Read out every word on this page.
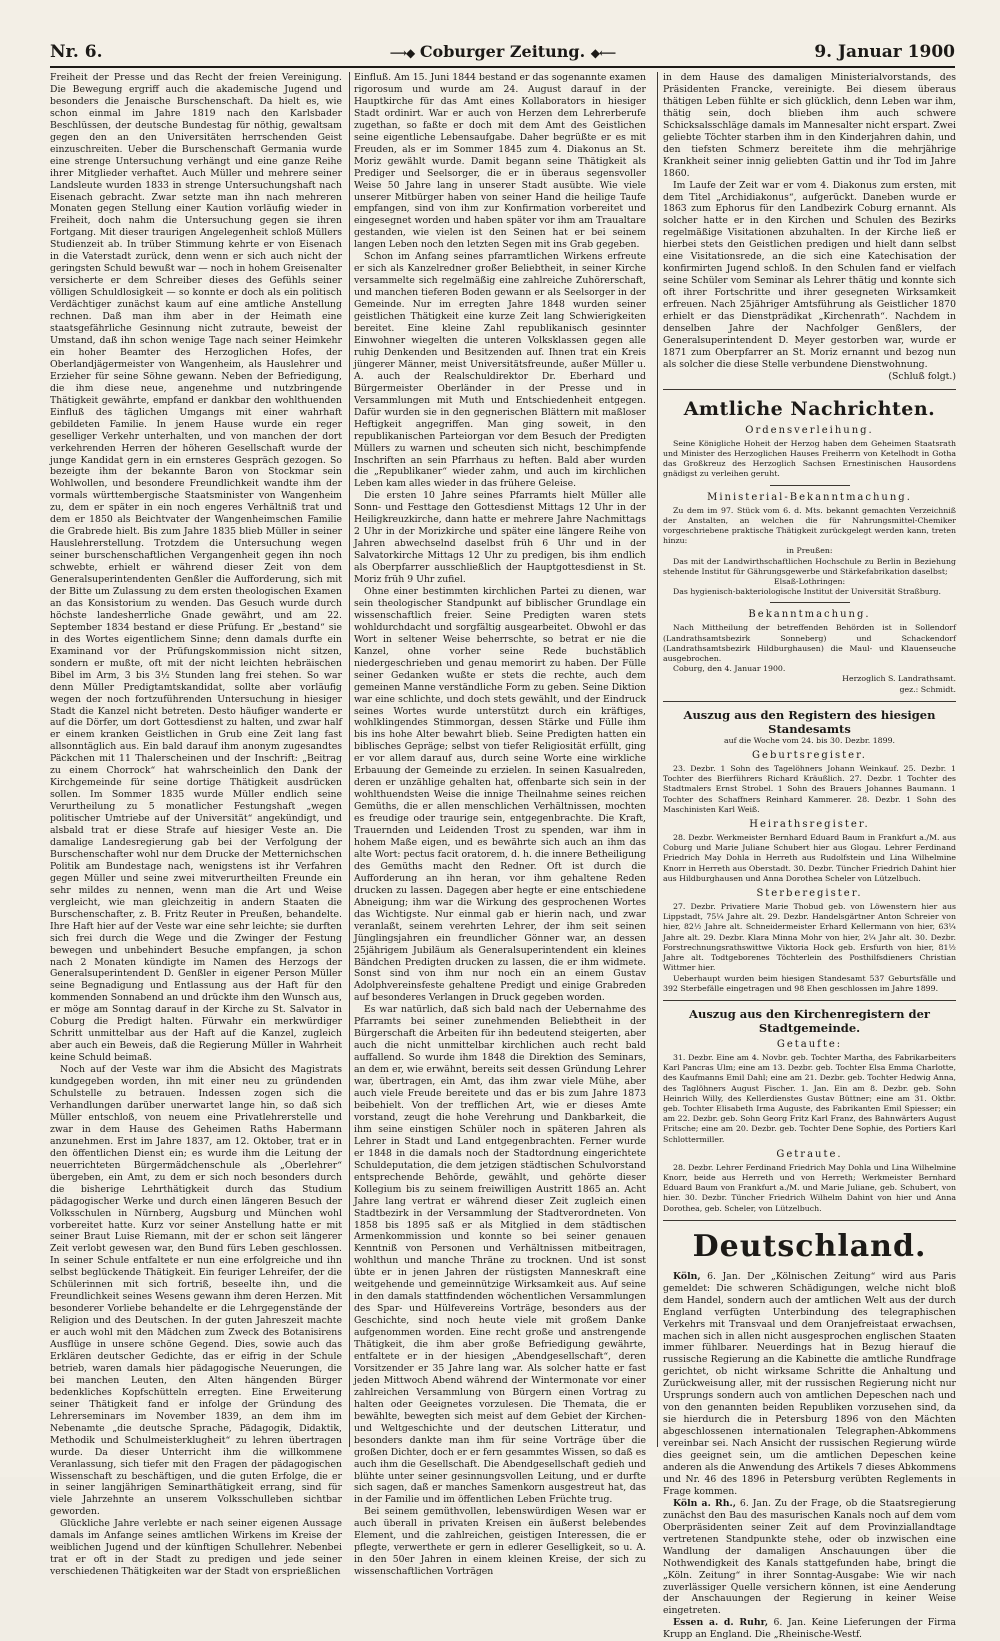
Nr. 6.	⟶◆ Coburger Zeitung. ◆⟵	9. Januar 1900

Freiheit der Presse und das Recht der freien Vereinigung. Die Bewegung ergriff auch die akademische Jugend und besonders die Jenaische Burschenschaft. Da hielt es, wie schon einmal im Jahre 1819 nach den Karlsbader Beschlüssen, der deutsche Bundestag für nöthig, gewaltsam gegen den an den Universitäten herrschenden Geist einzuschreiten. Ueber die Burschenschaft Germania wurde eine strenge Untersuchung verhängt und eine ganze Reihe ihrer Mitglieder verhaftet. Auch Müller und mehrere seiner Landsleute wurden 1833 in strenge Untersuchungshaft nach Eisenach gebracht. Zwar setzte man ihn nach mehreren Monaten gegen Stellung einer Kaution vorläufig wieder in Freiheit, doch nahm die Untersuchung gegen sie ihren Fortgang. Mit dieser traurigen Angelegenheit schloß Müllers Studienzeit ab. In trüber Stimmung kehrte er von Eisenach in die Vaterstadt zurück, denn wenn er sich auch nicht der geringsten Schuld bewußt war — noch in hohem Greisenalter versicherte er dem Schreiber dieses des Gefühls seiner völligen Schuldlosigkeit — so konnte er doch als ein politisch Verdächtiger zunächst kaum auf eine amtliche Anstellung rechnen. Daß man ihm aber in der Heimath eine staatsgefährliche Gesinnung nicht zutraute, beweist der Umstand, daß ihn schon wenige Tage nach seiner Heimkehr ein hoher Beamter des Herzoglichen Hofes, der Oberlandjägermeister von Wangenheim, als Hauslehrer und Erzieher für seine Söhne gewann. Neben der Befriedigung, die ihm diese neue, angenehme und nutzbringende Thätigkeit gewährte, empfand er dankbar den wohlthuenden Einfluß des täglichen Umgangs mit einer wahrhaft gebildeten Familie. In jenem Hause wurde ein reger geselliger Verkehr unterhalten, und von manchen der dort verkehrenden Herren der höheren Gesellschaft wurde der junge Kandidat gern in ein ernsteres Gespräch gezogen. So bezeigte ihm der bekannte Baron von Stockmar sein Wohlwollen, und besondere Freundlichkeit wandte ihm der vormals württembergische Staatsminister von Wangenheim zu, dem er später in ein noch engeres Verhältniß trat und dem er 1850 als Beichtvater der Wangenheimschen Familie die Grabrede hielt. Bis zum Jahre 1835 blieb Müller in seiner Hauslehrerstellung. Trotzdem die Untersuchung wegen seiner burschenschaftlichen Vergangenheit gegen ihn noch schwebte, erhielt er während dieser Zeit von dem Generalsuperintendenten Genßler die Aufforderung, sich mit der Bitte um Zulassung zu dem ersten theologischen Examen an das Konsistorium zu wenden. Das Gesuch wurde durch höchste landesherrliche Gnade gewährt, und am 22. September 1834 bestand er diese Prüfung. Er „bestand“ sie in des Wortes eigentlichem Sinne; denn damals durfte ein Examinand vor der Prüfungskommission nicht sitzen, sondern er mußte, oft mit der nicht leichten hebräischen Bibel im Arm, 3 bis 3½ Stunden lang frei stehen. So war denn Müller Predigtamtskandidat, sollte aber vorläufig wegen der noch fortzuführenden Untersuchung in hiesiger Stadt die Kanzel nicht betreten. Desto häufiger wanderte er auf die Dörfer, um dort Gottesdienst zu halten, und zwar half er einem kranken Geistlichen in Grub eine Zeit lang fast allsonntäglich aus. Ein bald darauf ihm anonym zugesandtes Päckchen mit 11 Thalerscheinen und der Inschrift: „Beitrag zu einem Chorrock“ hat wahrscheinlich den Dank der Kirchgemeinde für seine dortige Thätigkeit ausdrücken sollen. Im Sommer 1835 wurde Müller endlich seine Verurtheilung zu 5 monatlicher Festungshaft „wegen politischer Umtriebe auf der Universität“ angekündigt, und alsbald trat er diese Strafe auf hiesiger Veste an. Die damalige Landesregierung gab bei der Verfolgung der Burschenschafter wohl nur dem Drucke der Metternichschen Politik am Bundestage nach, wenigstens ist ihr Verfahren gegen Müller und seine zwei mitverurtheilten Freunde ein sehr mildes zu nennen, wenn man die Art und Weise vergleicht, wie man gleichzeitig in andern Staaten die Burschenschafter, z. B. Fritz Reuter in Preußen, behandelte. Ihre Haft hier auf der Veste war eine sehr leichte; sie durften sich frei durch die Wege und die Zwinger der Festung bewegen und unbehindert Besuche empfangen, ja schon nach 2 Monaten kündigte im Namen des Herzogs der Generalsuperintendent D. Genßler in eigener Person Müller seine Begnadigung und Entlassung aus der Haft für den kommenden Sonnabend an und drückte ihm den Wunsch aus, er möge am Sonntag darauf in der Kirche zu St. Salvator in Coburg die Predigt halten. Fürwahr ein merkwürdiger Schritt unmittelbar aus der Haft auf die Kanzel, zugleich aber auch ein Beweis, daß die Regierung Müller in Wahrheit keine Schuld beimaß.

Noch auf der Veste war ihm die Absicht des Magistrats kundgegeben worden, ihn mit einer neu zu gründenden Schulstelle zu betrauen. Indessen zogen sich die Verhandlungen darüber unerwartet lange hin, so daß sich Müller entschloß, von neuem eine Privatlehrerstelle und zwar in dem Hause des Geheimen Raths Habermann anzunehmen. Erst im Jahre 1837, am 12. Oktober, trat er in den öffentlichen Dienst ein; es wurde ihm die Leitung der neuerrichteten Bürgermädchenschule als „Oberlehrer“ übergeben, ein Amt, zu dem er sich noch besonders durch die bisherige Lehrthätigkeit durch das Studium pädagogischer Werke und durch einen längeren Besuch der Volksschulen in Nürnberg, Augsburg und München wohl vorbereitet hatte. Kurz vor seiner Anstellung hatte er mit seiner Braut Luise Riemann, mit der er schon seit längerer Zeit verlobt gewesen war, den Bund fürs Leben geschlossen. In seiner Schule entfaltete er nun eine erfolgreiche und ihn selbst beglückende Thätigkeit. Ein feuriger Lehreifer, der die Schülerinnen mit sich fortriß, beseelte ihn, und die Freundlichkeit seines Wesens gewann ihm deren Herzen. Mit besonderer Vorliebe behandelte er die Lehrgegenstände der Religion und des Deutschen. In der guten Jahreszeit machte er auch wohl mit den Mädchen zum Zweck des Botanisirens Ausflüge in unsere schöne Gegend. Dies, sowie auch das Erklären deutscher Gedichte, das er eifrig in der Schule betrieb, waren damals hier pädagogische Neuerungen, die bei manchen Leuten, den Alten hängenden Bürger bedenkliches Kopfschütteln erregten. Eine Erweiterung seiner Thätigkeit fand er infolge der Gründung des Lehrerseminars im November 1839, an dem ihm im Nebenamte „die deutsche Sprache, Pädagogik, Didaktik, Methodik und Schulmeisterklugheit“ zu lehren übertragen wurde. Da dieser Unterricht ihm die willkommene Veranlassung, sich tiefer mit den Fragen der pädagogischen Wissenschaft zu beschäftigen, und die guten Erfolge, die er in seiner langjährigen Seminarthätigkeit errang, sind für viele Jahrzehnte an unserem Volksschulleben sichtbar geworden.

Glückliche Jahre verlebte er nach seiner eigenen Aussage damals im Anfange seines amtlichen Wirkens im Kreise der weiblichen Jugend und der künftigen Schullehrer. Nebenbei trat er oft in der Stadt zu predigen und jede seiner verschiedenen Thätigkeiten war der Stadt von ersprießlichen

Einfluß. Am 15. Juni 1844 bestand er das sogenannte examen rigorosum und wurde am 24. August darauf in der Hauptkirche für das Amt eines Kollaborators in hiesiger Stadt ordinirt. War er auch von Herzen dem Lehrerberufe zugethan, so faßte er doch mit dem Amt des Geistlichen seine eigentliche Lebensaufgabe. Daher begrüßte er es mit Freuden, als er im Sommer 1845 zum 4. Diakonus an St. Moriz gewählt wurde. Damit begann seine Thätigkeit als Prediger und Seelsorger, die er in überaus segensvoller Weise 50 Jahre lang in unserer Stadt ausübte. Wie viele unserer Mitbürger haben von seiner Hand die heilige Taufe empfangen, sind von ihm zur Konfirmation vorbereitet und eingesegnet worden und haben später vor ihm am Traualtare gestanden, wie vielen ist den Seinen hat er bei seinem langen Leben noch den letzten Segen mit ins Grab gegeben.

Schon im Anfang seines pfarramtlichen Wirkens erfreute er sich als Kanzelredner großer Beliebtheit, in seiner Kirche versammelte sich regelmäßig eine zahlreiche Zuhörerschaft, und manchen tieferen Boden gewann er als Seelsorger in der Gemeinde. Nur im erregten Jahre 1848 wurden seiner geistlichen Thätigkeit eine kurze Zeit lang Schwierigkeiten bereitet. Eine kleine Zahl republikanisch gesinnter Einwohner wiegelten die unteren Volksklassen gegen alle ruhig Denkenden und Besitzenden auf. Ihnen trat ein Kreis jüngerer Männer, meist Universitätsfreunde, außer Müller u. A. auch der Realschuldirektor Dr. Eberhard und Bürgermeister Oberländer in der Presse und in Versammlungen mit Muth und Entschiedenheit entgegen. Dafür wurden sie in den gegnerischen Blättern mit maßloser Heftigkeit angegriffen. Man ging soweit, in den republikanischen Parteiorgan vor dem Besuch der Predigten Müllers zu warnen und scheuten sich nicht, beschimpfende Inschriften an sein Pfarrhaus zu heften. Bald aber wurden die „Republikaner“ wieder zahm, und auch im kirchlichen Leben kam alles wieder in das frühere Geleise.

Die ersten 10 Jahre seines Pfarramts hielt Müller alle Sonn- und Festtage den Gottesdienst Mittags 12 Uhr in der Heiligkreuzkirche, dann hatte er mehrere Jahre Nachmittags 2 Uhr in der Morizkirche und später eine längere Reihe von Jahren abwechselnd daselbst früh 6 Uhr und in der Salvatorkirche Mittags 12 Uhr zu predigen, bis ihm endlich als Oberpfarrer ausschließlich der Hauptgottesdienst in St. Moriz früh 9 Uhr zufiel.

Ohne einer bestimmten kirchlichen Partei zu dienen, war sein theologischer Standpunkt auf biblischer Grundlage ein wissenschaftlich freier. Seine Predigten waren stets wohldurchdacht und sorgfältig ausgearbeitet. Obwohl er das Wort in seltener Weise beherrschte, so betrat er nie die Kanzel, ohne vorher seine Rede buchstäblich niedergeschrieben und genau memorirt zu haben. Der Fülle seiner Gedanken wußte er stets die rechte, auch dem gemeinen Manne verständliche Form zu geben. Seine Diktion war eine schlichte, und doch stets gewählt, und der Eindruck seines Wortes wurde unterstützt durch ein kräftiges, wohlklingendes Stimmorgan, dessen Stärke und Fülle ihm bis ins hohe Alter bewahrt blieb. Seine Predigten hatten ein biblisches Gepräge; selbst von tiefer Religiosität erfüllt, ging er vor allem darauf aus, durch seine Worte eine wirkliche Erbauung der Gemeinde zu erzielen. In seinen Kasualreden, deren er unzählige gehalten hat, offenbarte sich sein in der wohlthuendsten Weise die innige Theilnahme seines reichen Gemüths, die er allen menschlichen Verhältnissen, mochten es freudige oder traurige sein, entgegenbrachte. Die Kraft, Trauernden und Leidenden Trost zu spenden, war ihm in hohem Maße eigen, und es bewährte sich auch an ihm das alte Wort: pectus facit oratorem, d. h. die innere Betheiligung des Gemüths macht den Redner. Oft ist durch die Aufforderung an ihn heran, vor ihm gehaltene Reden drucken zu lassen. Dagegen aber hegte er eine entschiedene Abneigung; ihm war die Wirkung des gesprochenen Wortes das Wichtigste. Nur einmal gab er hierin nach, und zwar veranlaßt, seinem verehrten Lehrer, der ihm seit seinen Jünglingsjahren ein freundlicher Gönner war, an dessen 25jährigem Jubiläum als Generalsuperintendent ein kleines Bändchen Predigten drucken zu lassen, die er ihm widmete. Sonst sind von ihm nur noch ein an einem Gustav Adolphvereinsfeste gehaltene Predigt und einige Grabreden auf besonderes Verlangen in Druck gegeben worden.

Es war natürlich, daß sich bald nach der Uebernahme des Pfarramts bei seiner zunehmenden Beliebtheit in der Bürgerschaft die Arbeiten für ihn bedeutend steigerten, aber auch die nicht unmittelbar kirchlichen auch recht bald auffallend. So wurde ihm 1848 die Direktion des Seminars, an dem er, wie erwähnt, bereits seit dessen Gründung Lehrer war, übertragen, ein Amt, das ihm zwar viele Mühe, aber auch viele Freude bereitete und das er bis zum Jahre 1873 beibehielt. Von der trefflichen Art, wie er dieses Amte vorstand, zeugt die hohe Verehrung und Dankbarkeit, die ihm seine einstigen Schüler noch in späteren Jahren als Lehrer in Stadt und Land entgegenbrachten. Ferner wurde er 1848 in die damals noch der Stadtordnung eingerichtete Schuldeputation, die dem jetzigen städtischen Schulvorstand entsprechende Behörde, gewählt, und gehörte dieser Kollegium bis zu seinem freiwilligen Austritt 1865 an. Acht Jahre lang vertrat er während dieser Zeit zugleich einen Stadtbezirk in der Versammlung der Stadtverordneten. Von 1858 bis 1895 saß er als Mitglied in dem städtischen Armenkommission und konnte so bei seiner genauen Kenntniß von Personen und Verhältnissen mitbeitragen, wohlthun und manche Thräne zu trocknen. Und ist sonst übte er in jenen Jahren der rüstigsten Manneskraft eine weitgehende und gemeinnützige Wirksamkeit aus. Auf seine in den damals stattfindenden wöchentlichen Versammlungen des Spar- und Hülfevereins Vorträge, besonders aus der Geschichte, sind noch heute viele mit großem Danke aufgenommen worden. Eine recht große und anstrengende Thätigkeit, die ihm aber große Befriedigung gewährte, entfaltete er in der hiesigen „Abendgesellschaft“, deren Vorsitzender er 35 Jahre lang war. Als solcher hatte er fast jeden Mittwoch Abend während der Wintermonate vor einer zahlreichen Versammlung von Bürgern einen Vortrag zu halten oder Geeignetes vorzulesen. Die Themata, die er bewählte, bewegten sich meist auf dem Gebiet der Kirchen- und Weltgeschichte und der deutschen Litteratur, und besonders dankte man ihm für seine Vorträge über die großen Dichter, doch er er fern gesammtes Wissen, so daß es auch ihm die Gesellschaft. Die Abendgesellschaft gedieh und blühte unter seiner gesinnungsvollen Leitung, und er durfte sich sagen, daß er manches Samenkorn ausgestreut hat, das in der Familie und im öffentlichen Leben Früchte trug.

Bei seinem gemüthvollen, lebenswürdigen Wesen war er auch überall in privaten Kreisen ein äußerst belebendes Element, und die zahlreichen, geistigen Interessen, die er pflegte, verwerthete er gern in edlerer Geselligkeit, so u. A. in den 50er Jahren in einem kleinen Kreise, der sich zu wissenschaftlichen Vorträgen

in dem Hause des damaligen Ministerialvorstands, des Präsidenten Francke, vereinigte. Bei diesem überaus thätigen Leben fühlte er sich glücklich, denn Leben war ihm, thätig sein, doch blieben ihm auch schwere Schicksalsschläge damals im Mannesalter nicht erspart. Zwei geliebte Töchter starben ihm in den Kinderjahren dahin, und den tiefsten Schmerz bereitete ihm die mehrjährige Krankheit seiner innig geliebten Gattin und ihr Tod im Jahre 1860.

Im Laufe der Zeit war er vom 4. Diakonus zum ersten, mit dem Titel „Archidiakonus“, aufgerückt. Daneben wurde er 1863 zum Ephorus für den Landbezirk Coburg ernannt. Als solcher hatte er in den Kirchen und Schulen des Bezirks regelmäßige Visitationen abzuhalten. In der Kirche ließ er hierbei stets den Geistlichen predigen und hielt dann selbst eine Visitationsrede, an die sich eine Katechisation der konfirmirten Jugend schloß. In den Schulen fand er vielfach seine Schüler vom Seminar als Lehrer thätig und konnte sich oft ihrer Fortschritte und ihrer gesegneten Wirksamkeit erfreuen. Nach 25jähriger Amtsführung als Geistlicher 1870 erhielt er das Dienstprädikat „Kirchenrath“. Nachdem in denselben Jahre der Nachfolger Genßlers, der Generalsuperintendent D. Meyer gestorben war, wurde er 1871 zum Oberpfarrer an St. Moriz ernannt und bezog nun als solcher die diese Stelle verbundene Dienstwohnung.

(Schluß folgt.)

Amtliche Nachrichten.
Ordensverleihung.

Seine Königliche Hoheit der Herzog haben dem Geheimen Staatsrath und Minister des Herzoglichen Hauses Freiherrn von Ketelhodt in Gotha das Großkreuz des Herzoglich Sachsen Ernestinischen Hausordens gnädigst zu verleihen geruht.

Ministerial-Bekanntmachung.

Zu dem im 97. Stück vom 6. d. Mts. bekannt gemachten Verzeichniß der Anstalten, an welchen die für Nahrungsmittel-Chemiker vorgeschriebene praktische Thätigkeit zurückgelegt werden kann, treten hinzu:

in Preußen:

Das mit der Landwirthschaftlichen Hochschule zu Berlin in Beziehung stehende Institut für Gährungsgewerbe und Stärkefabrikation daselbst;

Elsaß-Lothringen:

Das hygienisch-bakteriologische Institut der Universität Straßburg.

Bekanntmachung.

Nach Mittheilung der betreffenden Behörden ist in Sollendorf (Landrathsamtsbezirk Sonneberg) und Schackendorf (Landrathsamtsbezirk Hildburghausen) die Maul- und Klauenseuche ausgebrochen.

Coburg, den 4. Januar 1900.

Herzoglich S. Landrathsamt.

gez.: Schmidt.

Auszug aus den Registern des hiesigen Standesamts
auf die Woche vom 24. bis 30. Dezbr. 1899.
Geburtsregister.

23. Dezbr. 1 Sohn des Tagelöhners Johann Weinkauf. 25. Dezbr. 1 Tochter des Bierführers Richard Kräußlich. 27. Dezbr. 1 Tochter des Stadtmalers Ernst Strobel. 1 Sohn des Brauers Johannes Baumann. 1 Tochter des Schaffners Reinhard Kammerer. 28. Dezbr. 1 Sohn des Maschinisten Karl Weiß.

Heirathsregister.

28. Dezbr. Werkmeister Bernhard Eduard Baum in Frankfurt a./M. aus Coburg und Marie Juliane Schubert hier aus Glogau. Lehrer Ferdinand Friedrich May Dohla in Herreth aus Rudolfstein und Lina Wilhelmine Knorr in Herreth aus Oberstadt. 30. Dezbr. Tüncher Friedrich Dahint hier aus Hildburghausen und Anna Dorothea Scheler von Lützelbuch.

Sterberegister.

27. Dezbr. Privatiere Marie Thobud geb. von Löwenstern hier aus Lippstadt, 75¼ Jahre alt. 29. Dezbr. Handelsgärtner Anton Schreier von hier, 82½ Jahre alt. Schneidermeister Erhard Kellermann von hier, 63¼ Jahre alt. 29. Dezbr. Klara Minna Mohr von hier, 2¼ Jahr alt. 30. Dezbr. Forstrechnungsrathswittwe Viktoria Hock geb. Ersfurth von hier, 81½ Jahre alt. Todtgeborenes Töchterlein des Posthilfsdieners Christian Wittmer hier.

Ueberhaupt wurden beim hiesigen Standesamt 537 Geburtsfälle und 392 Sterbefälle eingetragen und 98 Ehen geschlossen im Jahre 1899.

Auszug aus den Kirchenregistern der Stadtgemeinde.
Getaufte:

31. Dezbr. Eine am 4. Novbr. geb. Tochter Martha, des Fabrikarbeiters Karl Pancras Ulm; eine am 13. Dezbr. geb. Tochter Elsa Emma Charlotte, des Kaufmanns Emil Dahl; eine am 21. Dezbr. geb. Tochter Hedwig Anna, des Taglöhners August Fischer. 1. Jan. Ein am 8. Dezbr. geb. Sohn Heinrich Willy, des Kellerdienstes Gustav Büttner; eine am 31. Oktbr. geb. Tochter Elisabeth Irma Auguste, des Fabrikanten Emil Spiesser; ein am 22. Dezbr. geb. Sohn Georg Fritz Karl Franz, des Bahnwärters August Fritsche; eine am 20. Dezbr. geb. Tochter Dene Sophie, des Portiers Karl Schlottermiller.

Getraute.

28. Dezbr. Lehrer Ferdinand Friedrich May Dohla und Lina Wilhelmine Knorr, beide aus Herreth und von Herreth; Werkmeister Bernhard Eduard Baum von Frankfurt a./M. und Marie Juliane, geb. Schubert, von hier. 30. Dezbr. Tüncher Friedrich Wilhelm Dahint von hier und Anna Dorothea, geb. Scheler, von Lützelbuch.

Deutschland.

Köln, 6. Jan. Der „Kölnischen Zeitung“ wird aus Paris gemeldet: Die schweren Schädigungen, welche nicht bloß dem Handel, sondern auch der amtlichen Welt aus der durch England verfügten Unterbindung des telegraphischen Verkehrs mit Transvaal und dem Oranjefreistaat erwachsen, machen sich in allen nicht ausgesprochen englischen Staaten immer fühlbarer. Neuerdings hat in Bezug hierauf die russische Regierung an die Kabinette die amtliche Rundfrage gerichtet, ob nicht wirksame Schritte die Anhaltung und Zurückweisung aller, mit der russischen Regierung nicht nur Ursprungs sondern auch von amtlichen Depeschen nach und von den genannten beiden Republiken vorzusehen sind, da sie hierdurch die in Petersburg 1896 von den Mächten abgeschlossenen internationalen Telegraphen-Abkommens vereinbar sei. Nach Ansicht der russischen Regierung würde dies geeignet sein, um die amtlichen Depeschen keine anderen als die Anwendung des Artikels 7 dieses Abkommens und Nr. 46 des 1896 in Petersburg verübten Reglements in Frage kommen.

Köln a. Rh., 6. Jan. Zu der Frage, ob die Staatsregierung zunächst den Bau des masurischen Kanals noch auf dem vom Oberpräsidenten seiner Zeit auf dem Provinziallandtage vertretenen Standpunkte stehe, oder ob inzwischen eine Wandlung der damaligen Anschauungen über die Nothwendigkeit des Kanals stattgefunden habe, bringt die „Köln. Zeitung“ in ihrer Sonntag-Ausgabe: Wie wir nach zuverlässiger Quelle versichern können, ist eine Aenderung der Anschauungen der Regierung in keiner Weise eingetreten.

Essen a. d. Ruhr, 6. Jan. Keine Lieferungen der Firma Krupp an England. Die „Rheinische-Westf.
